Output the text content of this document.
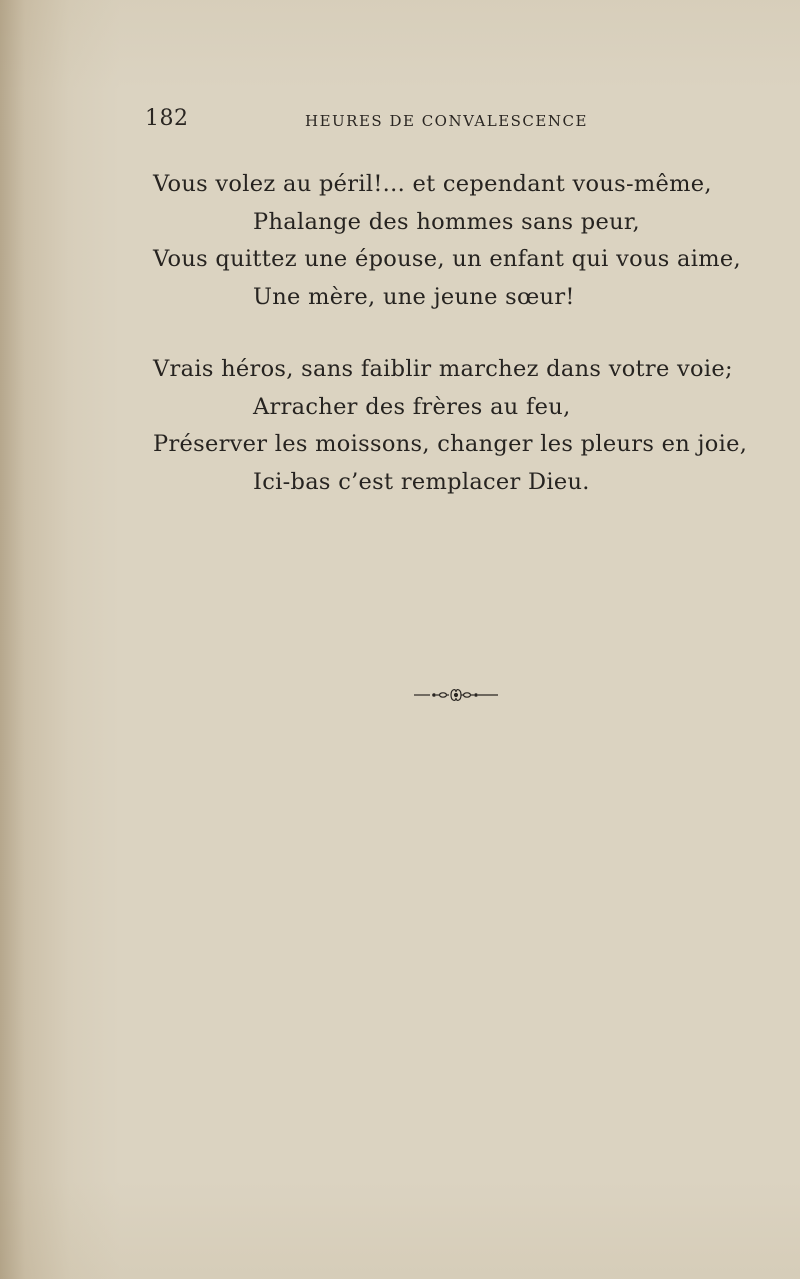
182	HEURES DE CONVALESCENCE
Vous volez au péril!... et cependant vous-même,
Phalange des hommes sans peur,
Vous quittez une épouse, un enfant qui vous aime,
Une mère, une jeune sœur!
Vrais héros, sans faiblir marchez dans votre voie;
Arracher des frères au feu,
Préserver les moissons, changer les pleurs en joie,
Ici-bas c’est remplacer Dieu.
